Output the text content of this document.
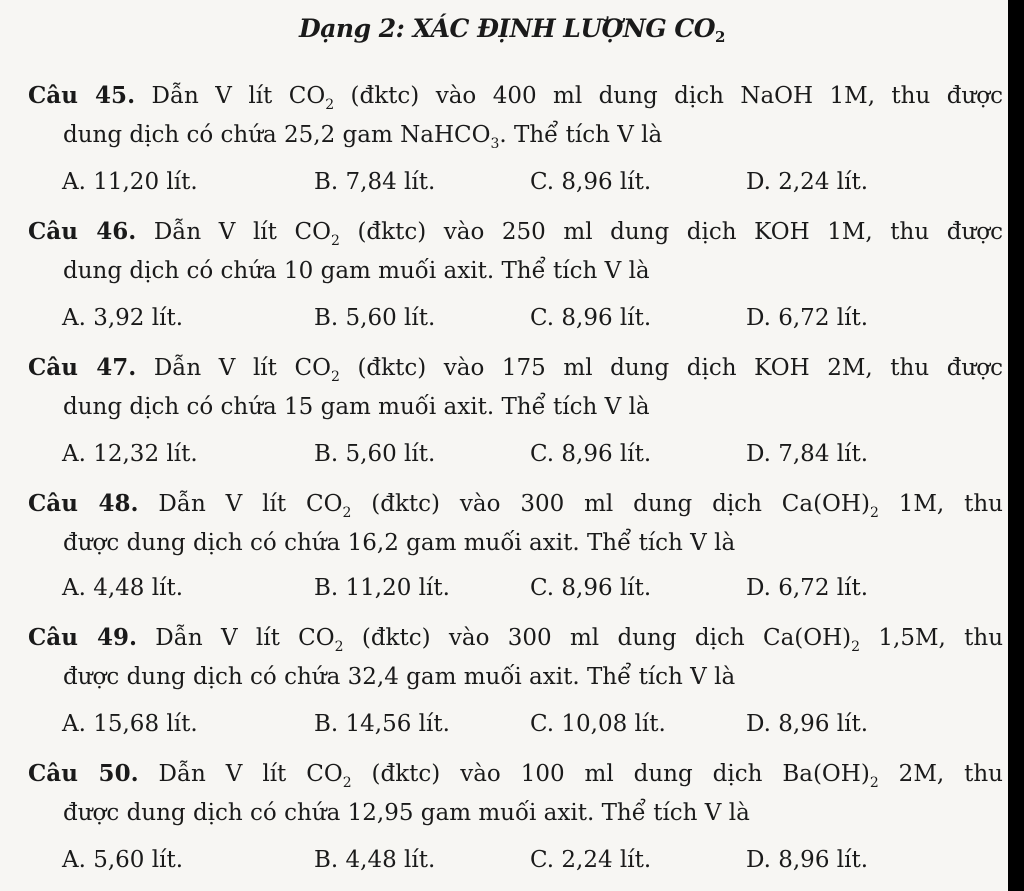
Dạng 2: XÁC ĐỊNH LƯỢNG $CO_2$
Câu 45. Dẫn V lít $CO_2$ (đktc) vào 400 ml dung dịch NaOH 1M, thu được
dung dịch có chứa 25,2 gam NaHCO$_3$. Thể tích V là
A. 11,20 lít.	B. 7,84 lít.	C. 8,96 lít.	D. 2,24 lít.
Câu 46. Dẫn V lít $CO_2$ (đktc) vào 250 ml dung dịch KOH 1M, thu được
dung dịch có chứa 10 gam muối axit. Thể tích V là
A. 3,92 lít.	B. 5,60 lít.	C. 8,96 lít.	D. 6,72 lít.
Câu 47. Dẫn V lít $CO_2$ (đktc) vào 175 ml dung dịch KOH 2M, thu được
dung dịch có chứa 15 gam muối axit. Thể tích V là
A. 12,32 lít.	B. 5,60 lít.	C. 8,96 lít.	D. 7,84 lít.
Câu 48. Dẫn V lít $CO_2$ (đktc) vào 300 ml dung dịch $Ca(OH)_2$ 1M, thu
được dung dịch có chứa 16,2 gam muối axit. Thể tích V là
A. 4,48 lít.	B. 11,20 lít.	C. 8,96 lít.	D. 6,72 lít.
Câu 49. Dẫn V lít $CO_2$ (đktc) vào 300 ml dung dịch $Ca(OH)_2$ 1,5M, thu
được dung dịch có chứa 32,4 gam muối axit. Thể tích V là
A. 15,68 lít.	B. 14,56 lít.	C. 10,08 lít.	D. 8,96 lít.
Câu 50. Dẫn V lít $CO_2$ (đktc) vào 100 ml dung dịch $Ba(OH)_2$ 2M, thu
được dung dịch có chứa 12,95 gam muối axit. Thể tích V là
A. 5,60 lít.	B. 4,48 lít.	C. 2,24 lít.	D. 8,96 lít.
